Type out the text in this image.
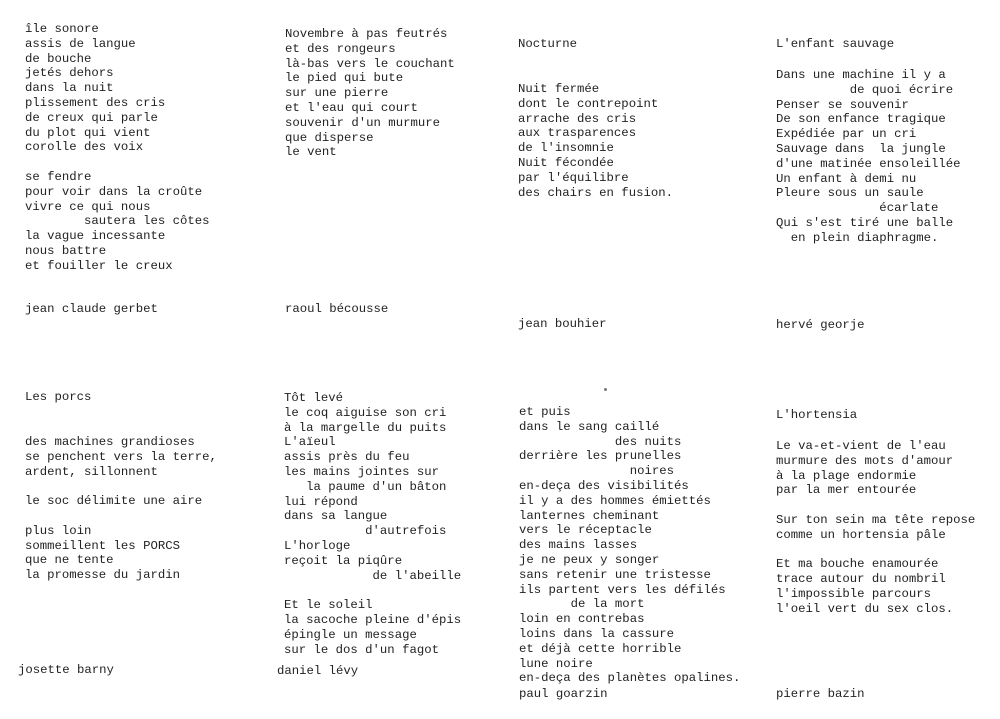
île sonore
assis de langue
de bouche
jetés dehors
dans la nuit
plissement des cris
de creux qui parle
du plot qui vient
corolle des voix
se fendre
pour voir dans la croûte
vivre ce qui nous
sautera les côtes
la vague incessante
nous battre
et fouiller le creux
jean claude gerbet
Novembre à pas feutrés
et des rongeurs
là-bas vers le couchant
le pied qui bute
sur une pierre
et l'eau qui court
souvenir d'un murmure
que disperse
le vent
raoul bécousse
Nocturne
Nuit fermée
dont le contrepoint
arrache des cris
aux trasparences
de l'insomnie
Nuit fécondée
par l'équilibre
des chairs en fusion.
jean bouhier
L'enfant sauvage
Dans une machine il y a
de quoi écrire
Penser se souvenir
De son enfance tragique
Expédiée par un cri
Sauvage dans  la jungle
d'une matinée ensoleillée
Un enfant à demi nu
Pleure sous un saule
écarlate
Qui s'est tiré une balle
en plein diaphragme.
hervé georje
Les porcs
des machines grandioses
se penchent vers la terre,
ardent, sillonnent
le soc délimite une aire
plus loin
sommeillent les PORCS
que ne tente
la promesse du jardin
josette barny
Tôt levé
le coq aiguise son cri
à la margelle du puits
L'aïeul
assis près du feu
les mains jointes sur
la paume d'un bâton
lui répond
dans sa langue
d'autrefois
L'horloge
reçoit la piqûre
de l'abeille
Et le soleil
la sacoche pleine d'épis
épingle un message
sur le dos d'un fagot
daniel lévy
et puis
dans le sang caillé
des nuits
derrière les prunelles
noires
en-deça des visibilités
il y a des hommes émiettés
lanternes cheminant
vers le réceptacle
des mains lasses
je ne peux y songer
sans retenir une tristesse
ils partent vers les défilés
de la mort
loin en contrebas
loins dans la cassure
et déjà cette horrible
lune noire
en-deça des planètes opalines.
paul goarzin
L'hortensia
Le va-et-vient de l'eau
murmure des mots d'amour
à la plage endormie
par la mer entourée
Sur ton sein ma tête repose
comme un hortensia pâle
Et ma bouche enamourée
trace autour du nombril
l'impossible parcours
l'oeil vert du sex clos.
pierre bazin
